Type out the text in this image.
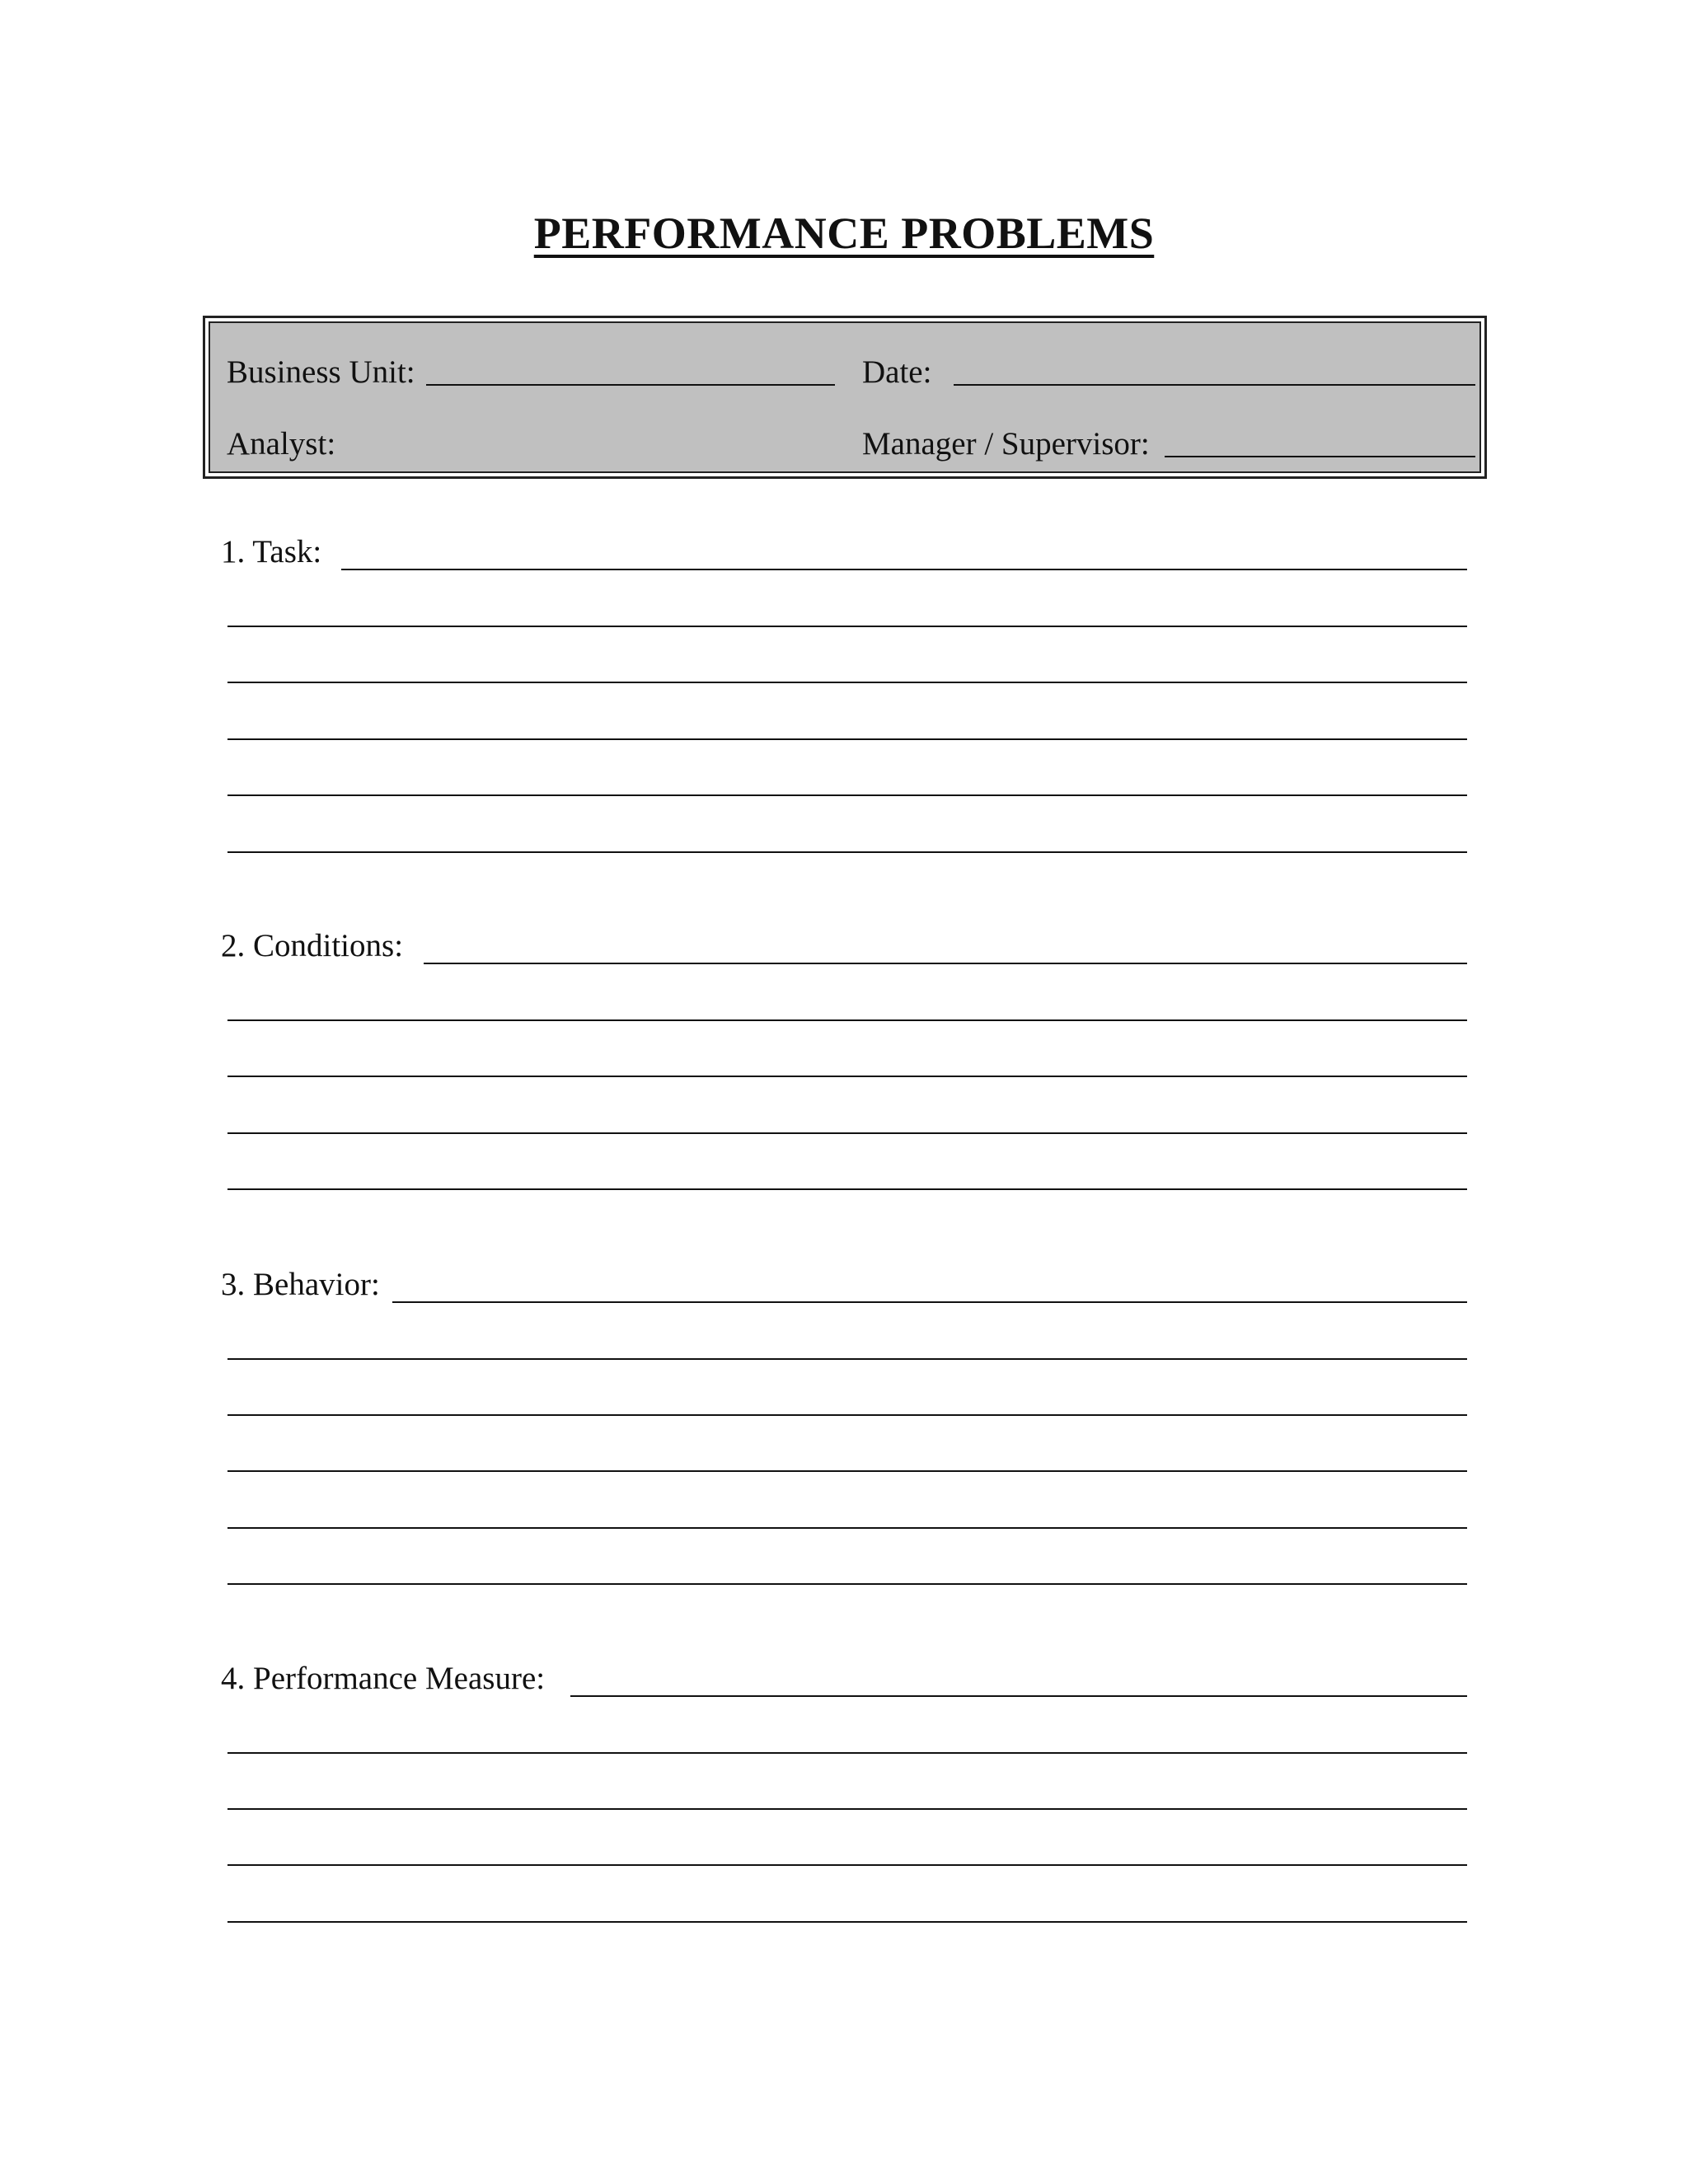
PERFORMANCE PROBLEMS
Business Unit:	Date:
Analyst:	Manager / Supervisor:
1. Task:
2. Conditions:
3. Behavior:
4. Performance Measure:
